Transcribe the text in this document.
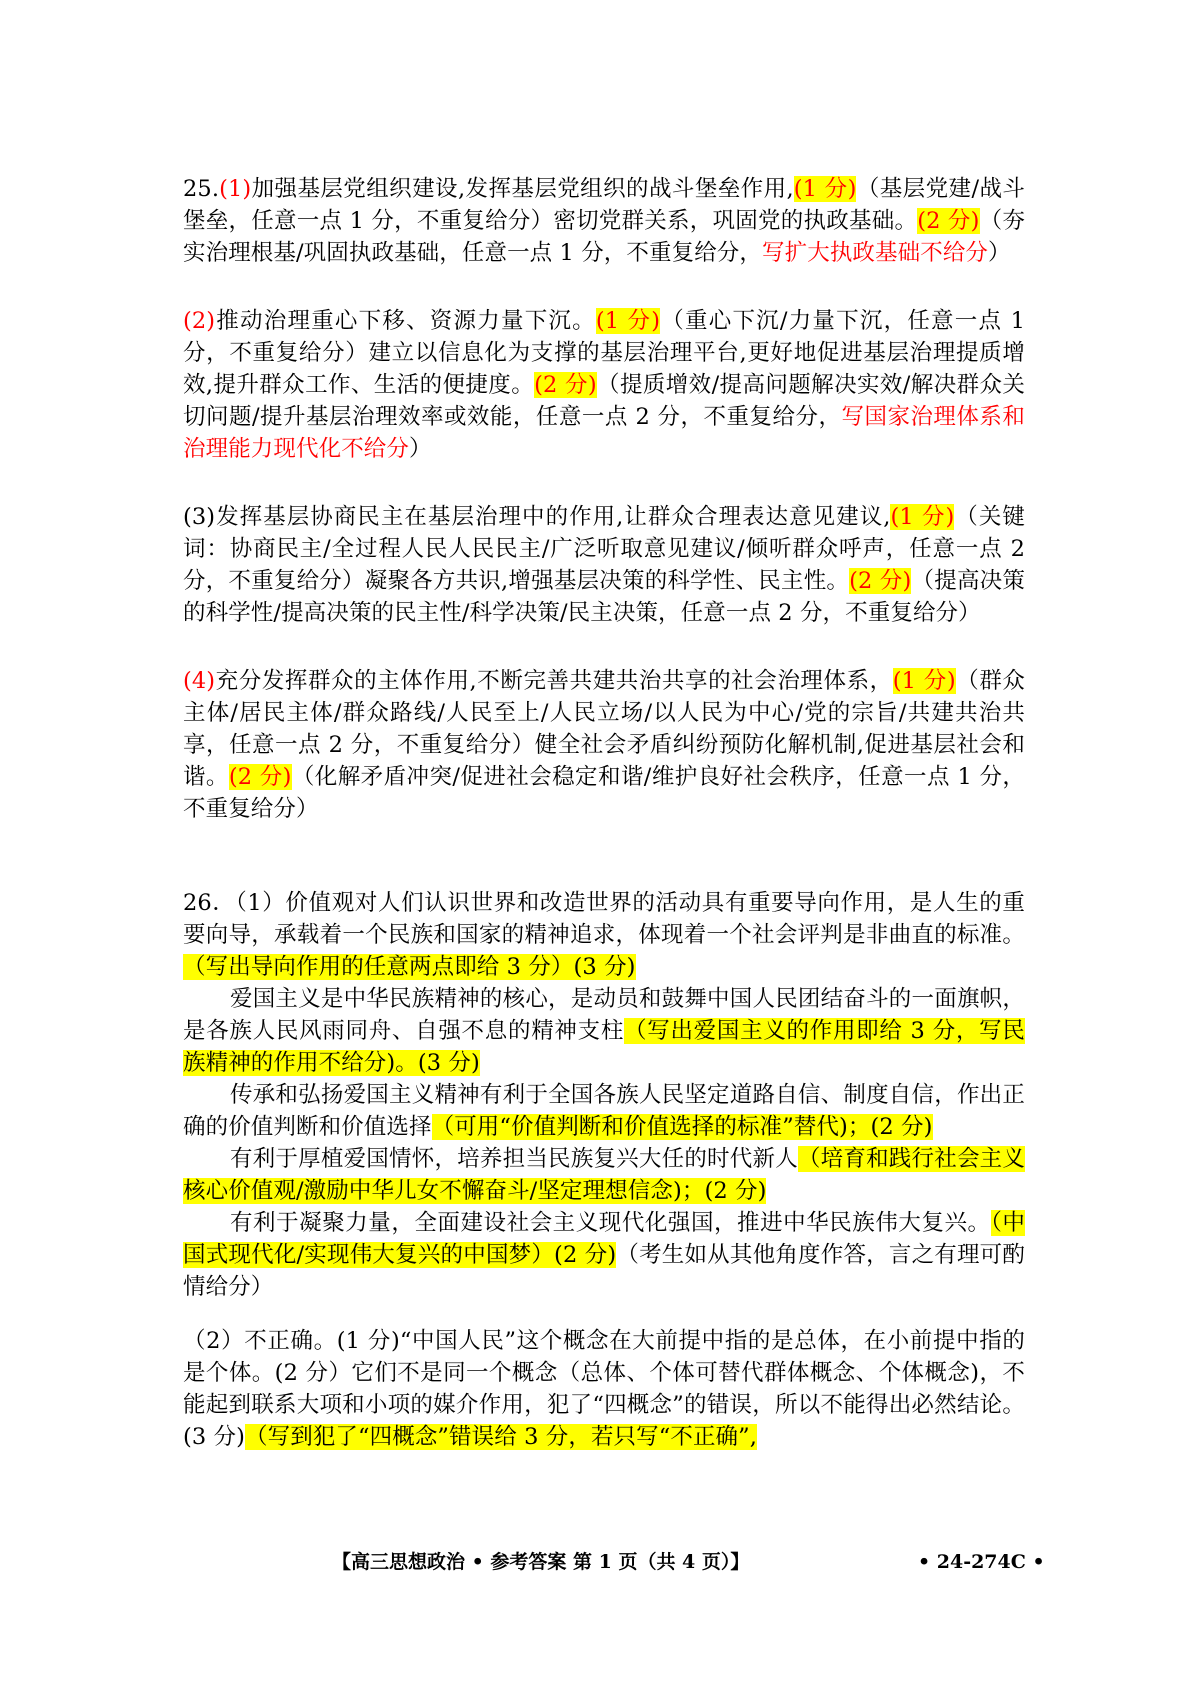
25.(1)加强基层党组织建设,发挥基层党组织的战斗堡垒作用,(1 分)（基层党建/战斗堡垒，任意一点 1 分，不重复给分）密切党群关系，巩固党的执政基础。(2 分)（夯实治理根基/巩固执政基础，任意一点 1 分，不重复给分，写扩大执政基础不给分）

(2)推动治理重心下移、资源力量下沉。(1 分)（重心下沉/力量下沉，任意一点 1 分，不重复给分）建立以信息化为支撑的基层治理平台,更好地促进基层治理提质增效,提升群众工作、生活的便捷度。(2 分)（提质增效/提高问题解决实效/解决群众关切问题/提升基层治理效率或效能，任意一点 2 分，不重复给分，写国家治理体系和治理能力现代化不给分）

(3)发挥基层协商民主在基层治理中的作用,让群众合理表达意见建议,(1 分)（关键词：协商民主/全过程人民人民民主/广泛听取意见建议/倾听群众呼声，任意一点 2 分，不重复给分）凝聚各方共识,增强基层决策的科学性、民主性。(2 分)（提高决策的科学性/提高决策的民主性/科学决策/民主决策，任意一点 2 分，不重复给分）

(4)充分发挥群众的主体作用,不断完善共建共治共享的社会治理体系，(1 分)（群众主体/居民主体/群众路线/人民至上/人民立场/以人民为中心/党的宗旨/共建共治共享，任意一点 2 分，不重复给分）健全社会矛盾纠纷预防化解机制,促进基层社会和谐。(2 分)（化解矛盾冲突/促进社会稳定和谐/维护良好社会秩序，任意一点 1 分，不重复给分）

26．（1）价值观对人们认识世界和改造世界的活动具有重要导向作用，是人生的重要向导，承载着一个民族和国家的精神追求，体现着一个社会评判是非曲直的标准。（写出导向作用的任意两点即给 3 分）(3 分)

爱国主义是中华民族精神的核心，是动员和鼓舞中国人民团结奋斗的一面旗帜，是各族人民风雨同舟、自强不息的精神支柱（写出爱国主义的作用即给 3 分，写民族精神的作用不给分)。(3 分)

传承和弘扬爱国主义精神有利于全国各族人民坚定道路自信、制度自信，作出正确的价值判断和价值选择（可用“价值判断和价值选择的标准”替代)；(2 分)

有利于厚植爱国情怀，培养担当民族复兴大任的时代新人（培育和践行社会主义核心价值观/激励中华儿女不懈奋斗/坚定理想信念)；(2 分)

有利于凝聚力量，全面建设社会主义现代化强国，推进中华民族伟大复兴。（中国式现代化/实现伟大复兴的中国梦）(2 分)（考生如从其他角度作答，言之有理可酌情给分）

（2）不正确。(1 分)“中国人民”这个概念在大前提中指的是总体，在小前提中指的是个体。(2 分）它们不是同一个概念（总体、个体可替代群体概念、个体概念)，不能起到联系大项和小项的媒介作用，犯了“四概念”的错误，所以不能得出必然结论。(3 分)（写到犯了“四概念”错误给 3 分，若只写“不正确”,

【高三思想政治 • 参考答案 第 1 页（共 4 页）】	• 24-274C •
